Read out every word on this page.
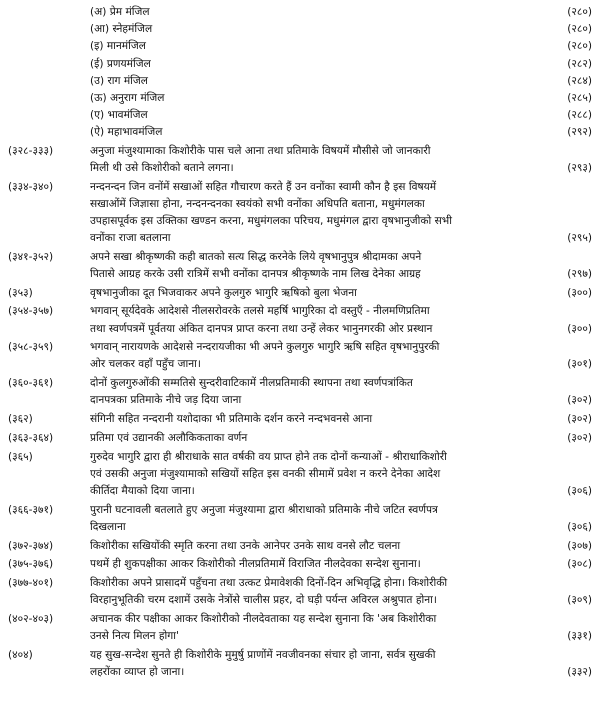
(अ) प्रेम मंजिल	(२८०)
(आ) स्नेहमंजिल	(२८०)
(इ) मानमंजिल	(२८०)
(ई) प्रणयमंजिल	(२८२)
(उ) राग मंजिल	(२८४)
(ऊ) अनुराग मंजिल	(२८५)
(ए) भावमंजिल	(२८८)
(ऐ) महाभावमंजिल	(२९२)
(३२८-३३३)	अनुजा मंजुश्यामाका किशोरीके पास चले आना तथा प्रतिमाके विषयमें मौसीसे जो जानकारी
मिली थी उसे किशोरीको बताने लगना।	(२९३)
(३३४-३४०)	नन्दनन्दन जिन वनोंमें सखाओं सहित गौचारण करते हैं उन वनोंका स्वामी कौन है इस विषयमें
सखाओंमें जिज्ञासा होना, नन्दनन्दनका स्वयंको सभी वनोंका अधिपति बताना, मधुमंगलका
उपहासपूर्वक इस उक्तिका खण्डन करना, मधुमंगलका परिचय, मधुमंगल द्वारा वृषभानुजीको सभी
वनोंका राजा बतलाना	(२९५)
(३४१-३५२)	अपने सखा श्रीकृष्णकी कही बातको सत्य सिद्ध करनेके लिये वृषभानुपुत्र श्रीदामका अपने
पितासे आग्रह करके उसी रात्रिमें सभी वनोंका दानपत्र श्रीकृष्णके नाम लिख देनेका आग्रह	(२९७)
(३५३)	वृषभानुजीका दूत भिजवाकर अपने कुलगुरु भागुरि ऋषिको बुला भेजना	(३००)
(३५४-३५७)	भगवान् सूर्यदेवके आदेशसे नीलसरोवरके तलसे महर्षि भागुरिका दो वस्तुएँ - नीलमणिप्रतिमा
तथा स्वर्णपत्रमें पूर्वतया अंकित दानपत्र प्राप्त करना तथा उन्हें लेकर भानुनगरकी ओर प्रस्थान	(३००)
(३५८-३५९)	भगवान् नारायणके आदेशसे नन्दरायजीका भी अपने कुलगुरु भागुरि ऋषि सहित वृषभानुपुरकी
ओर चलकर वहाँ पहुँच जाना।	(३०१)
(३६०-३६१)	दोनों कुलगुरुओंकी सम्मतिसे सुन्दरीवाटिकामें नीलप्रतिमाकी स्थापना तथा स्वर्णपत्रांकित
दानपत्रका प्रतिमाके नीचे जड़ दिया जाना	(३०२)
(३६२)	संगिनी सहित नन्दरानी यशोदाका भी प्रतिमाके दर्शन करने नन्दभवनसे आना	(३०२)
(३६३-३६४)	प्रतिमा एवं उद्यानकी अलौकिकताका वर्णन	(३०२)
(३६५)	गुरुदेव भागुरि द्वारा ही श्रीराधाके सात वर्षकी वय प्राप्त होने तक दोनों कन्याओं - श्रीराधाकिशोरी
एवं उसकी अनुजा मंजुश्यामाको सखियों सहित इस वनकी सीमामें प्रवेश न करने देनेका आदेश
कीर्तिदा मैयाको दिया जाना।	(३०६)
(३६६-३७१)	पुरानी घटनावली बतलाते हुए अनुजा मंजुश्यामा द्वारा श्रीराधाको प्रतिमाके नीचे जटित स्वर्णपत्र
दिखलाना	(३०६)
(३७२-३७४)	किशोरीका सखियोंकी स्मृति करना तथा उनके आनेपर उनके साथ वनसे लौट चलना	(३०७)
(३७५-३७६)	पथमें ही शुकपक्षीका आकर किशोरीको नीलप्रतिमामें विराजित नीलदेवका सन्देश सुनाना।	(३०८)
(३७७-४०१)	किशोरीका अपने प्रासादमें पहुँचना तथा उत्कट प्रेमावेशकी दिनों-दिन अभिवृद्धि होना। किशोरीकी
विरहानुभूतिकी चरम दशामें उसके नेत्रोंसे चालीस प्रहर, दो घड़ी पर्यन्त अविरल अश्रुपात होना।	(३०९)
(४०२-४०३)	अचानक कीर पक्षीका आकर किशोरीको नीलदेवताका यह सन्देश सुनाना कि 'अब किशोरीका
उनसे नित्य मिलन होगा'	(३३१)
(४०४)	यह सुख-सन्देश सुनते ही किशोरीके मुमुर्षु प्राणोंमें नवजीवनका संचार हो जाना, सर्वत्र सुखकी
लहरोंका व्याप्त हो जाना।	(३३२)
